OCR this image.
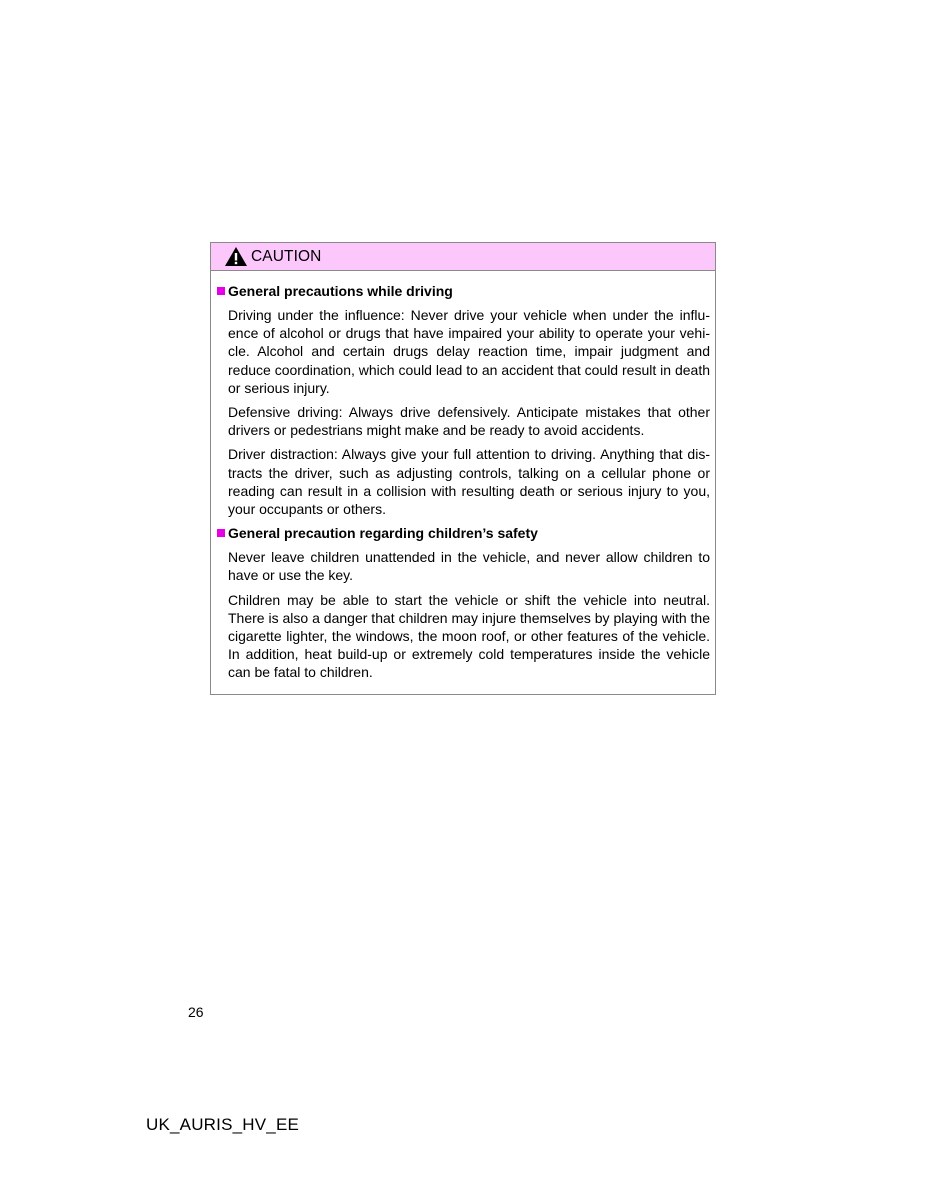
CAUTION
General precautions while driving

Driving under the influence: Never drive your vehicle when under the influ-ence of alcohol or drugs that have impaired your ability to operate your vehi-cle. Alcohol and certain drugs delay reaction time, impair judgment and reduce coordination, which could lead to an accident that could result in death or serious injury.

Defensive driving: Always drive defensively. Anticipate mistakes that other drivers or pedestrians might make and be ready to avoid accidents.

Driver distraction: Always give your full attention to driving. Anything that dis-tracts the driver, such as adjusting controls, talking on a cellular phone or reading can result in a collision with resulting death or serious injury to you, your occupants or others.

General precaution regarding children’s safety

Never leave children unattended in the vehicle, and never allow children to have or use the key.

Children may be able to start the vehicle or shift the vehicle into neutral. There is also a danger that children may injure themselves by playing with the cigarette lighter, the windows, the moon roof, or other features of the vehicle. In addition, heat build-up or extremely cold temperatures inside the vehicle can be fatal to children.

26
UK_AURIS_HV_EE
